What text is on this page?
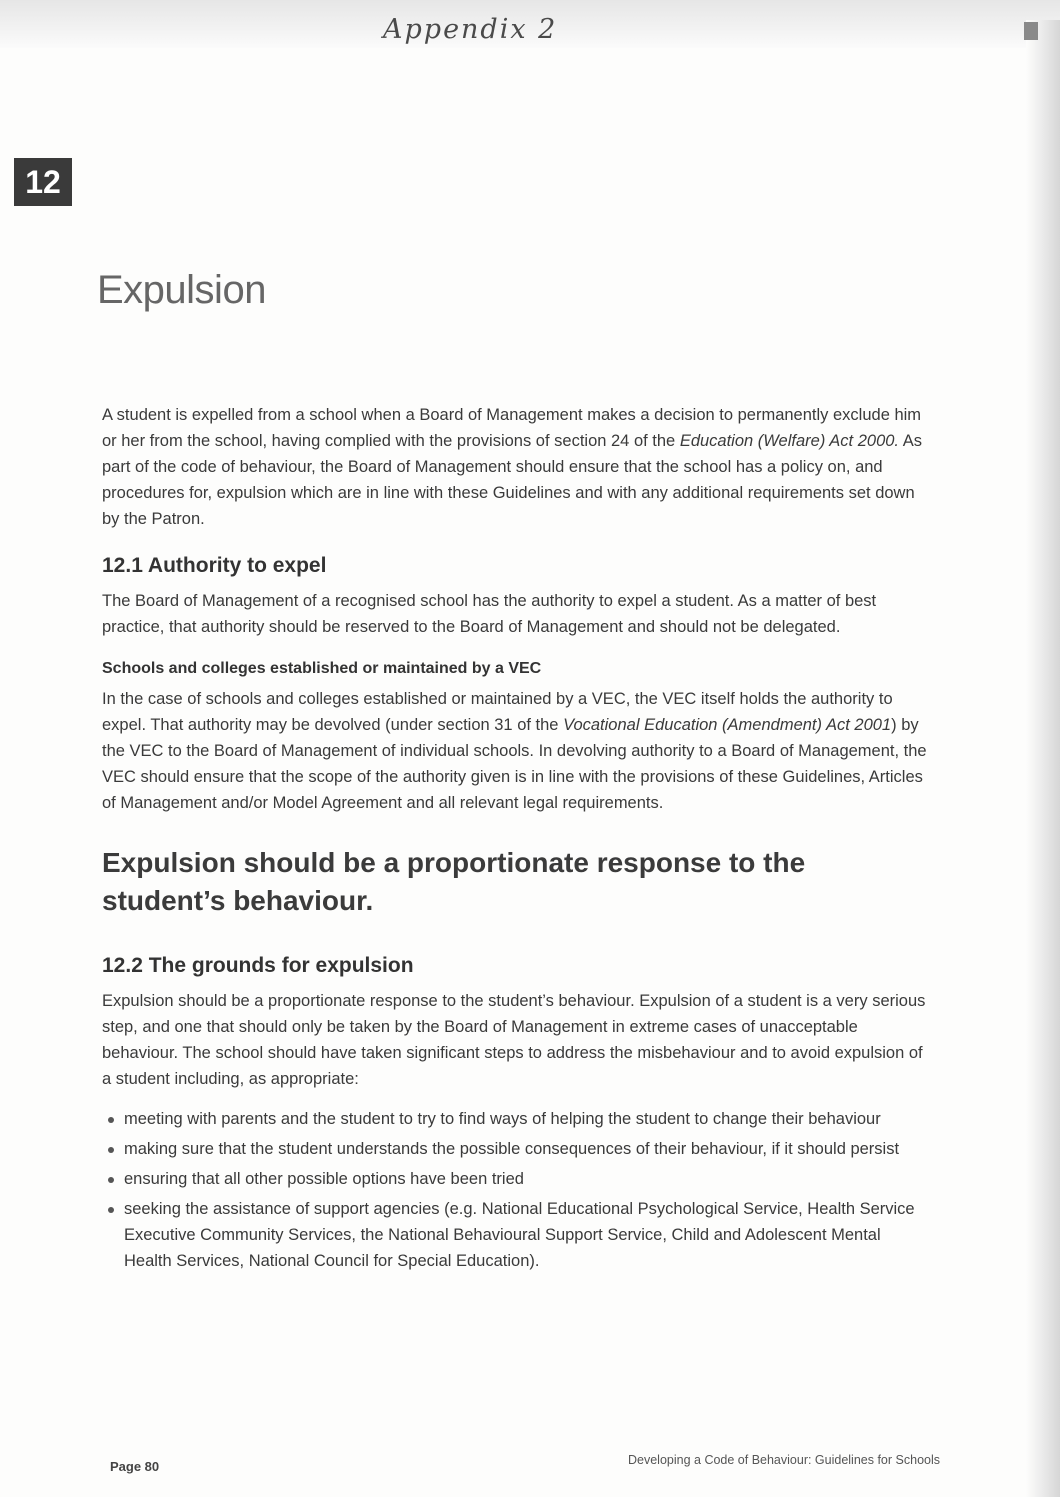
Appendix 2
12
Expulsion

A student is expelled from a school when a Board of Management makes a decision to permanently exclude him or her from the school, having complied with the provisions of section 24 of the Education (Welfare) Act 2000. As part of the code of behaviour, the Board of Management should ensure that the school has a policy on, and procedures for, expulsion which are in line with these Guidelines and with any additional requirements set down by the Patron.

12.1 Authority to expel

The Board of Management of a recognised school has the authority to expel a student. As a matter of best practice, that authority should be reserved to the Board of Management and should not be delegated.

Schools and colleges established or maintained by a VEC

In the case of schools and colleges established or maintained by a VEC, the VEC itself holds the authority to expel. That authority may be devolved (under section 31 of the Vocational Education (Amendment) Act 2001) by the VEC to the Board of Management of individual schools. In devolving authority to a Board of Management, the VEC should ensure that the scope of the authority given is in line with the provisions of these Guidelines, Articles of Management and/or Model Agreement and all relevant legal requirements.

Expulsion should be a proportionate response to the student’s behaviour.
12.2 The grounds for expulsion

Expulsion should be a proportionate response to the student’s behaviour. Expulsion of a student is a very serious step, and one that should only be taken by the Board of Management in extreme cases of unacceptable behaviour. The school should have taken significant steps to address the misbehaviour and to avoid expulsion of a student including, as appropriate:

meeting with parents and the student to try to find ways of helping the student to change their behaviour
making sure that the student understands the possible consequences of their behaviour, if it should persist
ensuring that all other possible options have been tried
seeking the assistance of support agencies (e.g. National Educational Psychological Service, Health Service Executive Community Services, the National Behavioural Support Service, Child and Adolescent Mental Health Services, National Council for Special Education).
Page 80	Developing a Code of Behaviour: Guidelines for Schools
